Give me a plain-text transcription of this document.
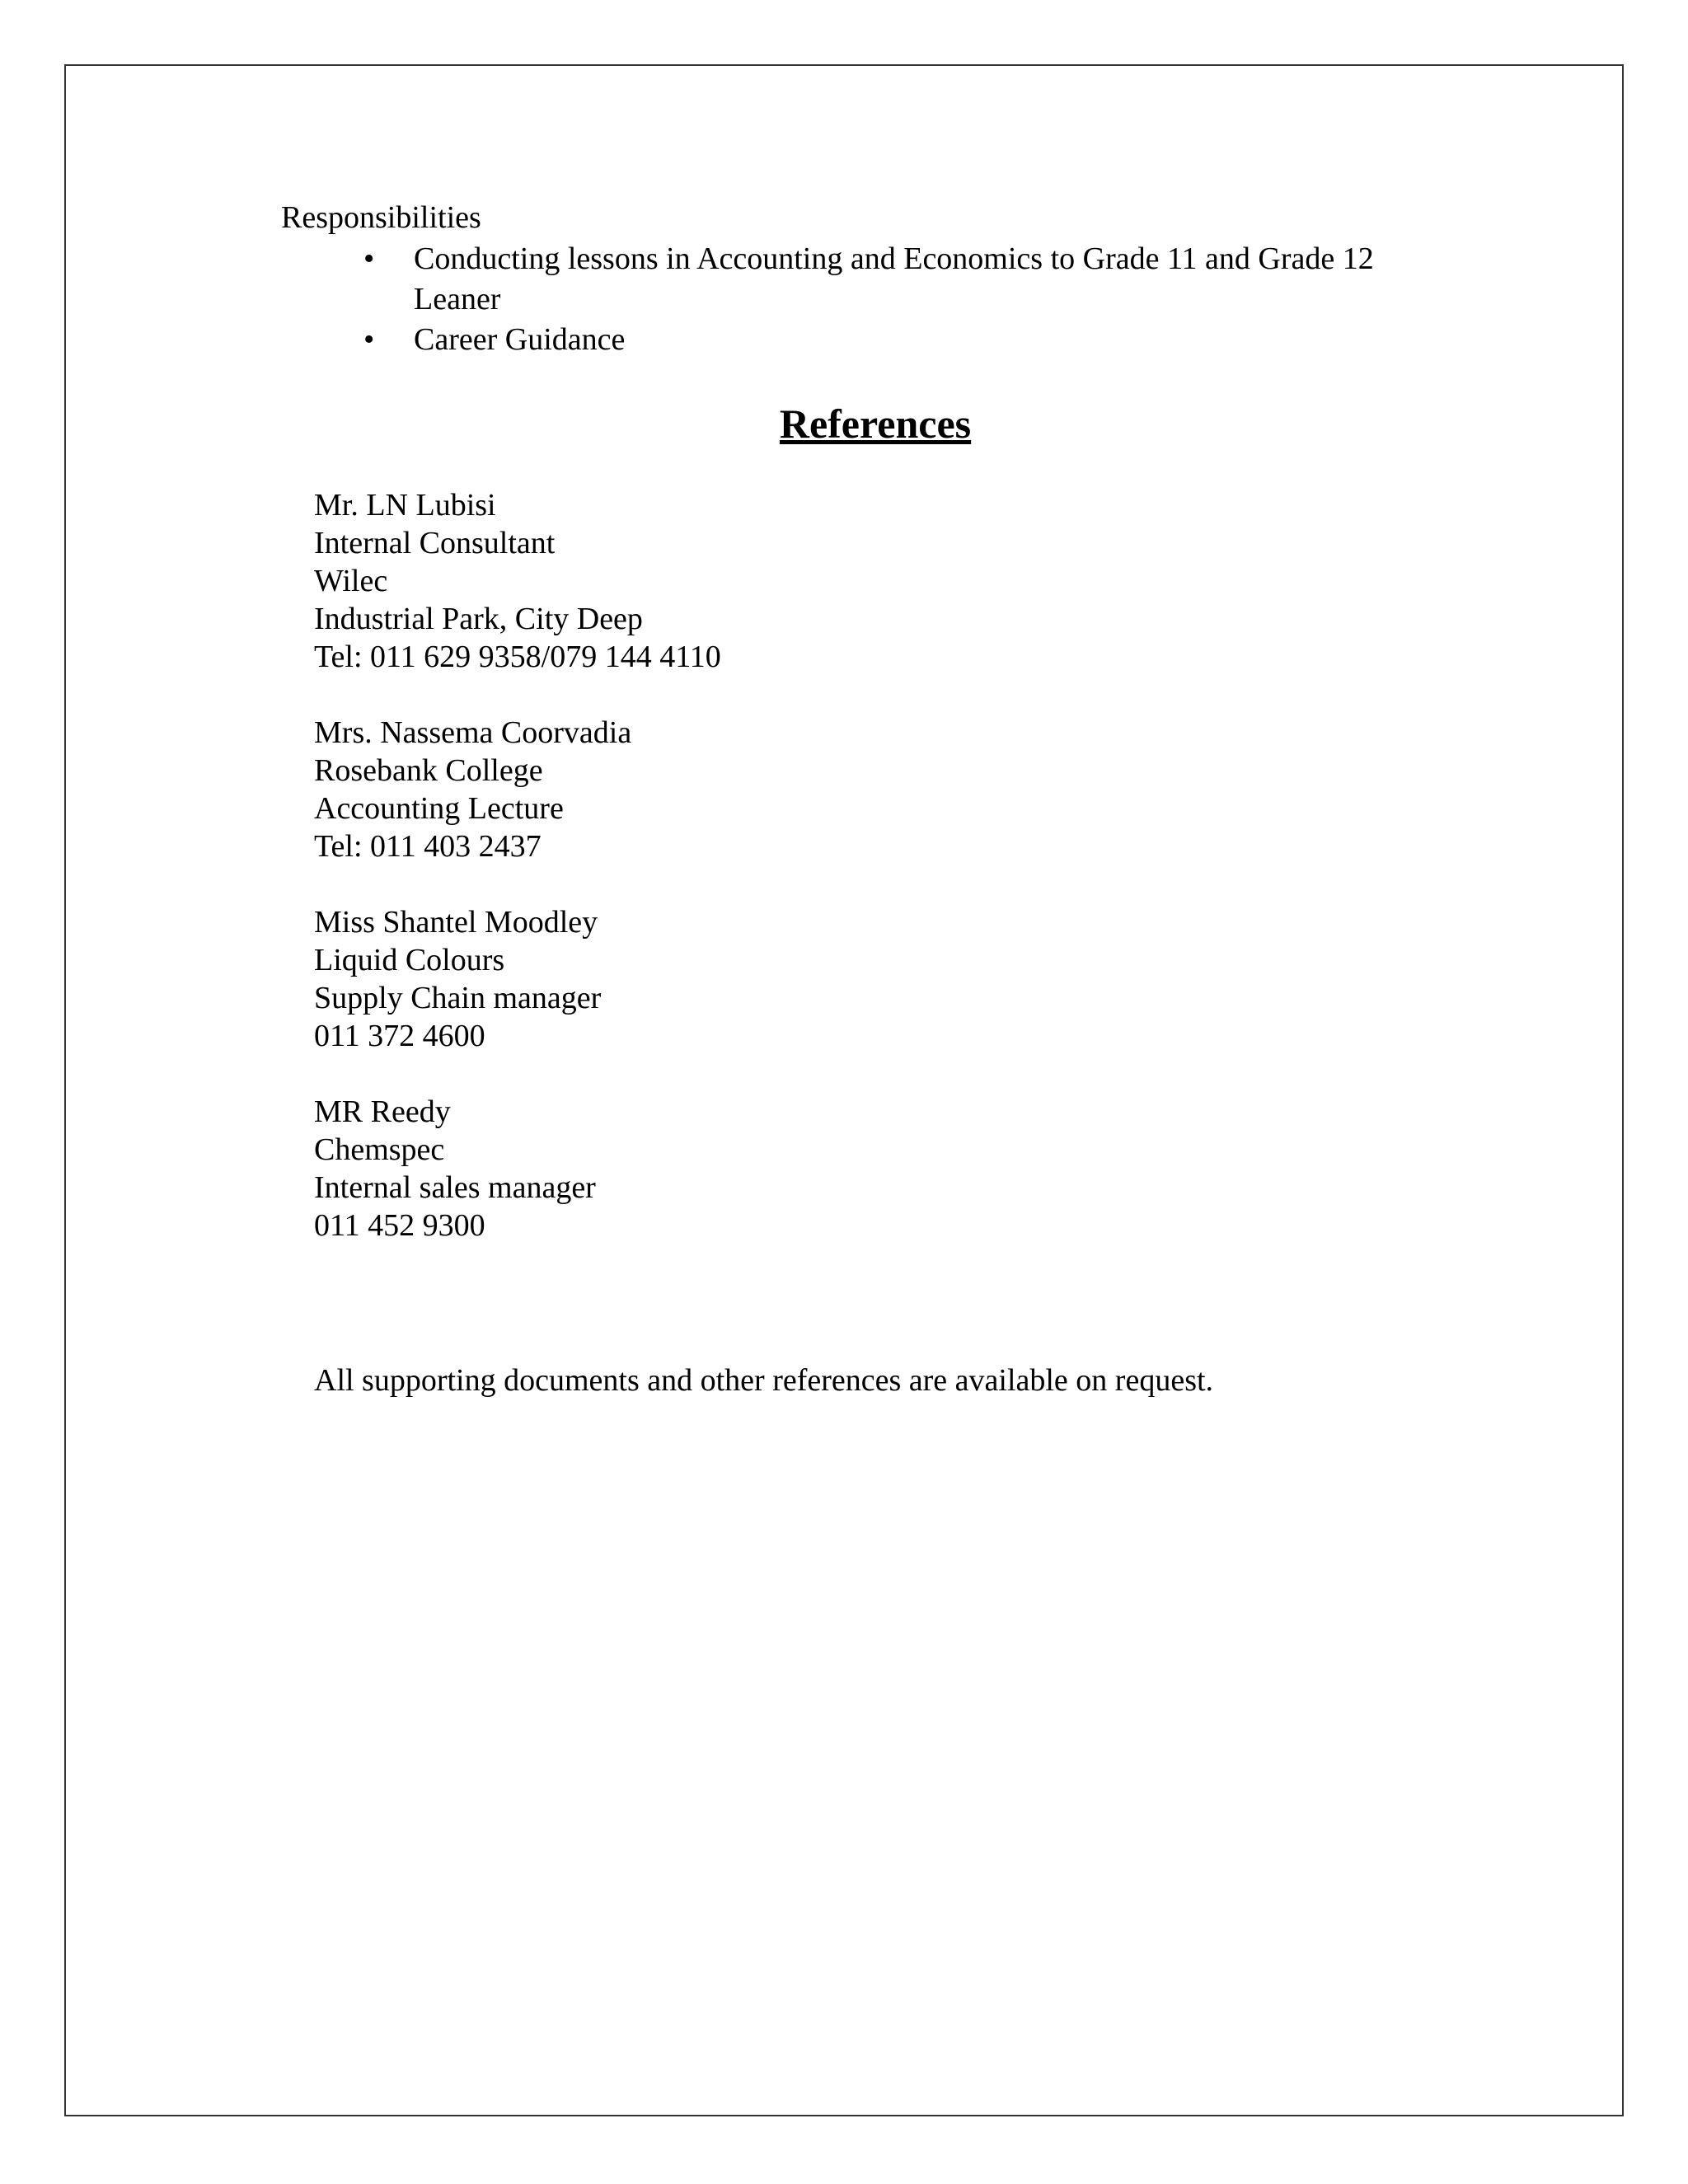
Responsibilities

• Conducting lessons in Accounting and Economics to Grade 11 and Grade 12 Leaner
• Career Guidance
References
Mr. LN Lubisi
Internal Consultant
Wilec
Industrial Park, City Deep
Tel: 011 629 9358/079 144 4110
Mrs. Nassema Coorvadia
Rosebank College
Accounting Lecture
Tel: 011 403 2437
Miss Shantel Moodley
Liquid Colours
Supply Chain manager
011 372 4600
MR Reedy
Chemspec
Internal sales manager
011 452 9300

All supporting documents and other references are available on request.
